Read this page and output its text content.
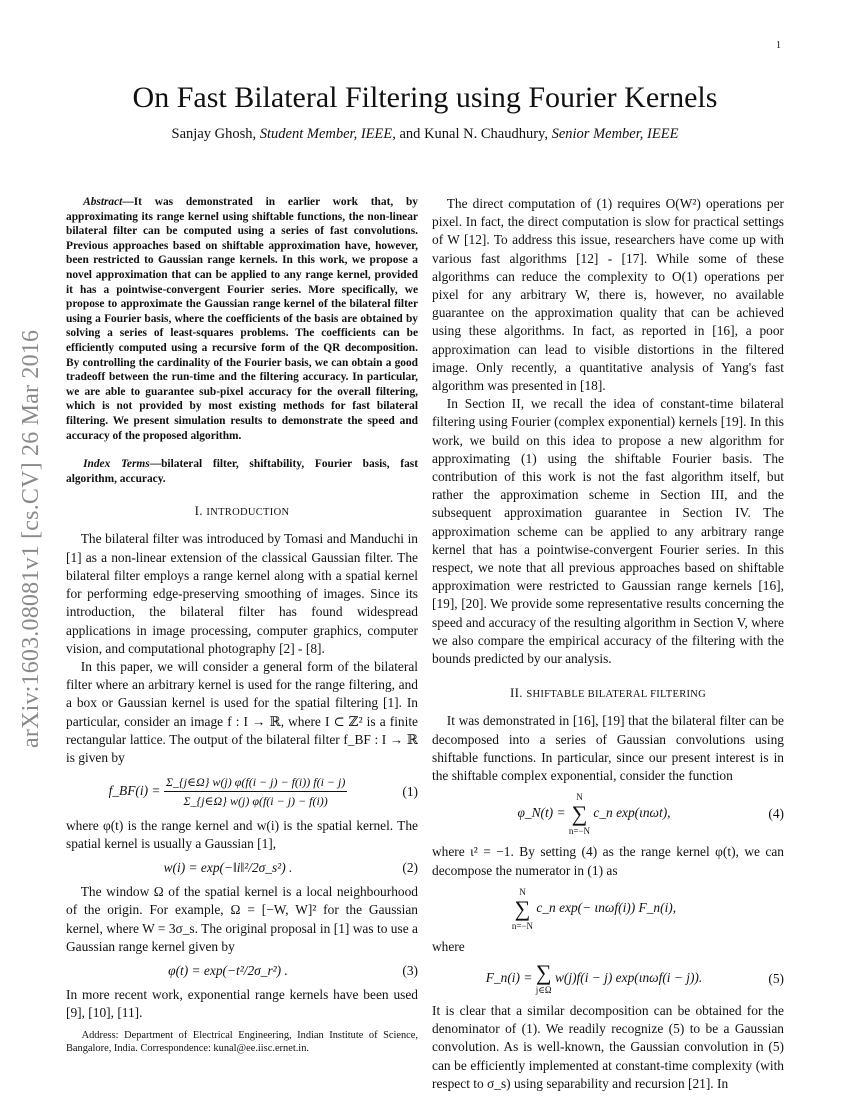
1
arXiv:1603.08081v1 [cs.CV] 26 Mar 2016
On Fast Bilateral Filtering using Fourier Kernels
Sanjay Ghosh, Student Member, IEEE, and Kunal N. Chaudhury, Senior Member, IEEE

Abstract—It was demonstrated in earlier work that, by approximating its range kernel using shiftable functions, the non-linear bilateral filter can be computed using a series of fast convolutions. Previous approaches based on shiftable approximation have, however, been restricted to Gaussian range kernels. In this work, we propose a novel approximation that can be applied to any range kernel, provided it has a pointwise-convergent Fourier series. More specifically, we propose to approximate the Gaussian range kernel of the bilateral filter using a Fourier basis, where the coefficients of the basis are obtained by solving a series of least-squares problems. The coefficients can be efficiently computed using a recursive form of the QR decomposition. By controlling the cardinality of the Fourier basis, we can obtain a good tradeoff between the run-time and the filtering accuracy. In particular, we are able to guarantee sub-pixel accuracy for the overall filtering, which is not provided by most existing methods for fast bilateral filtering. We present simulation results to demonstrate the speed and accuracy of the proposed algorithm.

Index Terms—bilateral filter, shiftability, Fourier basis, fast algorithm, accuracy.

I. INTRODUCTION

The bilateral filter was introduced by Tomasi and Manduchi in [1] as a non-linear extension of the classical Gaussian filter. The bilateral filter employs a range kernel along with a spatial kernel for performing edge-preserving smoothing of images. Since its introduction, the bilateral filter has found widespread applications in image processing, computer graphics, computer vision, and computational photography [2] - [8].

In this paper, we will consider a general form of the bilateral filter where an arbitrary kernel is used for the range filtering, and a box or Gaussian kernel is used for the spatial filtering [1]. In particular, consider an image f : I → ℝ, where I ⊂ ℤ² is a finite rectangular lattice. The output of the bilateral filter f_BF : I → ℝ is given by

f_BF(i) = $\frac{\Sigma\_\{j\in\Omega\} w(j) \varphi(f(i - j) - f(i)) f(i - j)}{\Sigma\_\{j\in\Omega\} w(j) \varphi(f(i - j) - f(i))}$	(1)

where φ(t) is the range kernel and w(i) is the spatial kernel. The spatial kernel is usually a Gaussian [1],

w(i) = exp(−‖i‖²/2σ_s²) .	(2)

The window Ω of the spatial kernel is a local neighbourhood of the origin. For example, Ω = [−W, W]² for the Gaussian kernel, where W = 3σ_s. The original proposal in [1] was to use a Gaussian range kernel given by

φ(t) = exp(−t²/2σ_r²) .	(3)

In more recent work, exponential range kernels have been used [9], [10], [11].

Address: Department of Electrical Engineering, Indian Institute of Science, Bangalore, India. Correspondence: kunal@ee.iisc.ernet.in.

The direct computation of (1) requires O(W²) operations per pixel. In fact, the direct computation is slow for practical settings of W [12]. To address this issue, researchers have come up with various fast algorithms [12] - [17]. While some of these algorithms can reduce the complexity to O(1) operations per pixel for any arbitrary W, there is, however, no available guarantee on the approximation quality that can be achieved using these algorithms. In fact, as reported in [16], a poor approximation can lead to visible distortions in the filtered image. Only recently, a quantitative analysis of Yang's fast algorithm was presented in [18].

In Section II, we recall the idea of constant-time bilateral filtering using Fourier (complex exponential) kernels [19]. In this work, we build on this idea to propose a new algorithm for approximating (1) using the shiftable Fourier basis. The contribution of this work is not the fast algorithm itself, but rather the approximation scheme in Section III, and the subsequent approximation guarantee in Section IV. The approximation scheme can be applied to any arbitrary range kernel that has a pointwise-convergent Fourier series. In this respect, we note that all previous approaches based on shiftable approximation were restricted to Gaussian range kernels [16], [19], [20]. We provide some representative results concerning the speed and accuracy of the resulting algorithm in Section V, where we also compare the empirical accuracy of the filtering with the bounds predicted by our analysis.

II. SHIFTABLE BILATERAL FILTERING

It was demonstrated in [16], [19] that the bilateral filter can be decomposed into a series of Gaussian convolutions using shiftable functions. In particular, since our present interest is in the shiftable complex exponential, consider the function

φ_N(t) =
N
∑
n=−N
c_n exp(ιnωt),	(4)

where ι² = −1. By setting (4) as the range kernel φ(t), we can decompose the numerator in (1) as

N
∑
n=−N
c_n exp(− ιnωf(i)) F_n(i),

where

F_n(i) = ∑
j∈Ω
w(j)f(i − j) exp(ιnωf(i − j)).	(5)

It is clear that a similar decomposition can be obtained for the denominator of (1). We readily recognize (5) to be a Gaussian convolution. As is well-known, the Gaussian convolution in (5) can be efficiently implemented at constant-time complexity (with respect to σ_s) using separability and recursion [21]. In
